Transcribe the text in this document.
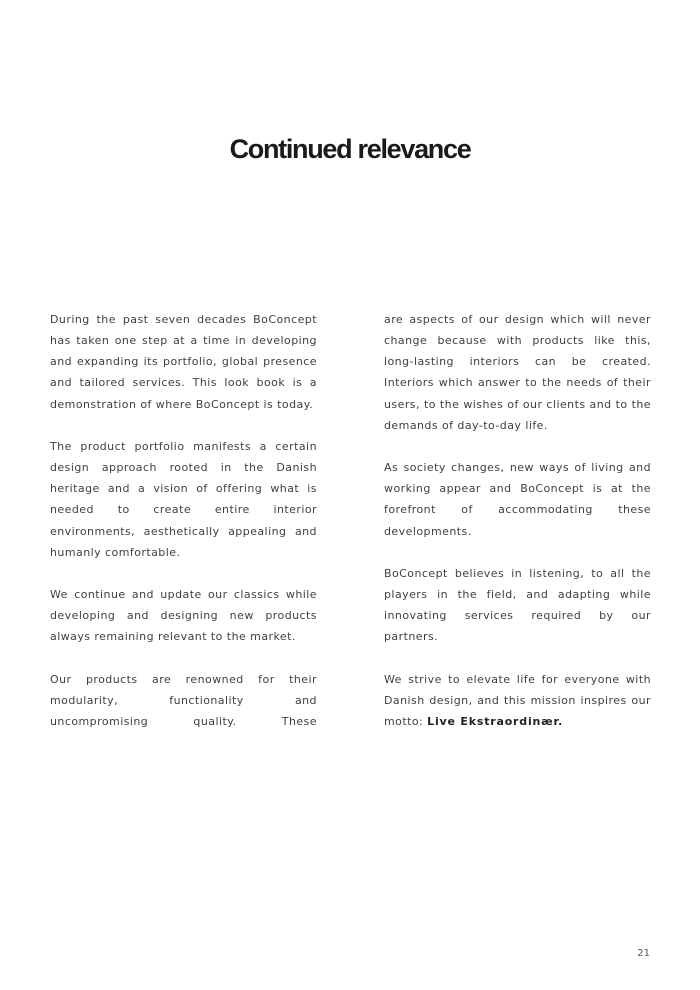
Continued relevance

During the past seven decades BoConcept has taken one step at a time in developing and expanding its portfolio, global presence and tailored services. This look book is a demonstration of where BoConcept is today.

The product portfolio manifests a certain design approach rooted in the Danish heritage and a vision of offering what is needed to create entire interior environments, aesthetically appealing and humanly comfortable.

We continue and update our classics while developing and designing new products always remaining relevant to the market.

Our products are renowned for their modularity, functionality and uncompromising quality. These

are aspects of our design which will never change because with products like this, long-lasting interiors can be created. Interiors which answer to the needs of their users, to the wishes of our clients and to the demands of day-to-day life.

As society changes, new ways of living and working appear and BoConcept is at the forefront of accommodating these developments.

BoConcept believes in listening, to all the players in the field, and adapting while innovating services required by our partners.

We strive to elevate life for everyone with Danish design, and this mission inspires our motto: Live Ekstraordinær.

21
